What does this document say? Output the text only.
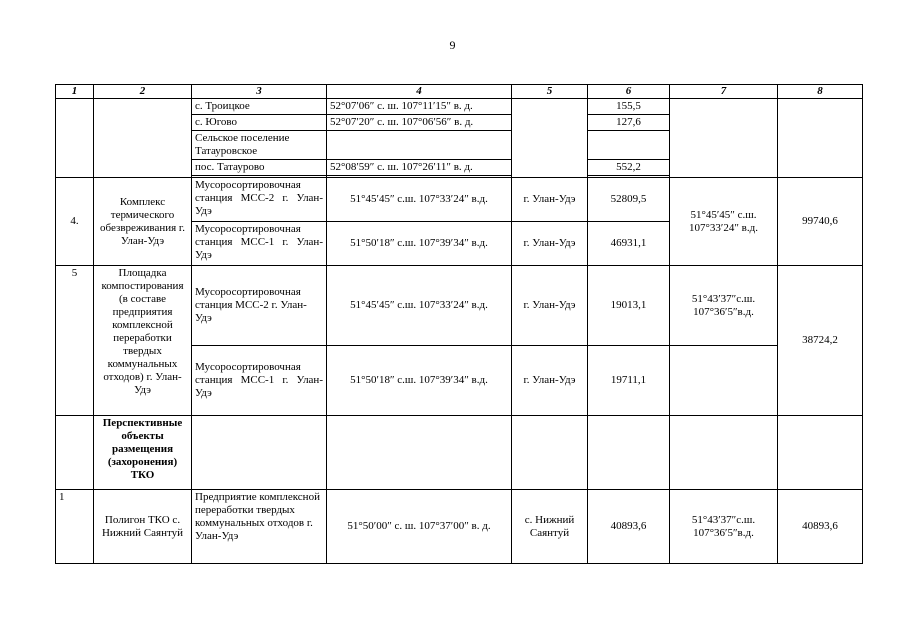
9
1	2	3	4	5	6	7	8
		с. Троицкое	52°07′06″ с. ш. 107°11′15″ в. д.		155,5		
		с. Югово	52°07′20″ с. ш. 107°06′56″ в. д.		127,6		
		Сельское поселение Татауровское					
		пос. Татаурово	52°08′59″ с. ш. 107°26′11″ в. д.		552,2		

4.	Комплекс термического обезвреживания г. Улан-Удэ	Мусоросортировочная станция МСС-2 г. Улан-Удэ	51°45′45″ с.ш. 107°33′24″ в.д.	г. Улан-Удэ	52809,5	51°45′45″ с.ш. 107°33′24″ в.д.	99740,6
		Мусоросортировочная станция МСС-1 г. Улан-Удэ	51°50′18″ с.ш. 107°39′34″ в.д.	г. Улан-Удэ	46931,1		
5	Площадка компостирования (в составе предприятия комплексной переработки твердых коммунальных отходов) г. Улан-Удэ	Мусоросортировочная станция МСС-2 г. Улан-Удэ	51°45′45″ с.ш. 107°33′24″ в.д.	г. Улан-Удэ	19013,1	51°43′37″с.ш. 107°36′5″в.д.	38724,2
		Мусоросортировочная станция МСС-1 г. Улан-Удэ	51°50′18″ с.ш. 107°39′34″ в.д.	г. Улан-Удэ	19711,1		
	Перспективные объекты размещения (захоронения) ТКО						
1	Полигон ТКО с. Нижний Саянтуй	Предприятие комплексной переработки твердых коммунальных отходов г. Улан-Удэ	51°50′00″ с. ш. 107°37′00″ в. д.	с. Нижний Саянтуй	40893,6	51°43′37″с.ш. 107°36′5″в.д.	40893,6
